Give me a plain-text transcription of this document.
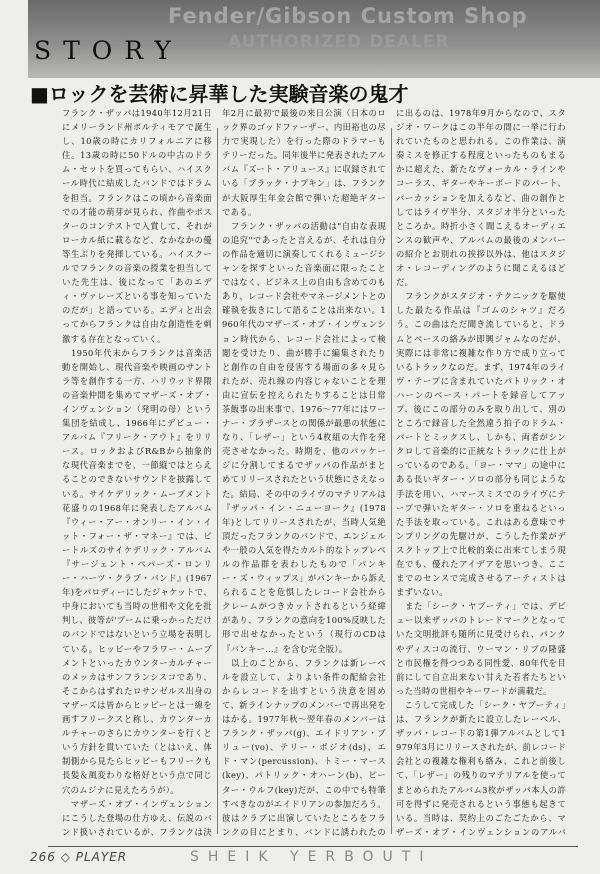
Fender/Gibson Custom Shop
AUTHORIZED DEALER
STORY
■ロックを芸術に昇華した実験音楽の鬼才
フランク・ザッパは1940年12月21日にメリーランド州ボルティモアで誕生し、10歳の時にカリフォルニアに移住。13歳の時に50ドルの中古のドラム・セットを買ってもらい、ハイスクール時代に結成したバンドではドラムを担当。フランクはこの頃から音楽面での才能の萌芽が見られ、作曲やポスターのコンテストで入賞して、それがローカル紙に載るなど、なかなかの優等生ぶりを発揮している。ハイスクールでフランクの音楽の授業を担当していた先生は、後になって「あのエディ・ヴァレーズといる事を知っていたのだが」と語っている。エディと出会ってからフランクは自由な創造性を刺激する存在となっていく。
　1950年代末からフランクは音楽活動を開始し、現代音楽や映画のサントラ等を創作する一方、ハリウッド界隈の音楽仲間を集めてマザーズ・オブ・インヴェンション（発明の母）という集団を結成し、1966年にデビュー・アルバム『フリーク・アウト』をリリース。ロックおよびR&Bから抽象的な現代音楽までを、一節縦ではとらえることのできないサウンドを披露している。サイケデリック・ムーブメント花盛りの1968年に発表したアルバム『ウィー・アー・オンリー・イン・イット・フォー・ザ・マネー』では、ビートルズのサイケデリック・アルバム『サージェント・ペパーズ・ロンリー・ハーツ・クラブ・バンド』(1967年)をパロディーにしたジャケットで、中身においても当時の世相や文化を批判し、彼等が'ブームに乗っかっただけのバンドではないという立場を表明している。ヒッピーやフラワー・ムーブメントといったカウンターカルチャーのメッカはサンフランシスコであり、そこからはずれたロサンゼルス出身のマザーズは皆からヒッピーとは一線を画すフリークスと称し、カウンターカルチャーのさらにカウンターを行くという方針を貫いていた（とはいえ、体制側から見たらヒッピーもフリークも長髪＆風変わりな格好という点で同じ穴のムジナに見えたろうが）。
　マザーズ・オブ・インヴェンションにこうした登場の仕方ゆえ、伝説のバンド扱いされているが、フランクは決

年2月に最初で最後の来日公演（日本のロック界のゴッドファーザー、内田裕也の尽力で実現した）を行った際のドラマーもテリーだった。同年後半に発表されたアルバム『ズート・アリュース』に収録されている「ブラック・ナプキン」は、フランクが大阪厚生年金会館で弾いた超絶ギターである。
　フランク・ザッパの活動は"自由な表現の追究"であったと言えるが、それは自分の作品を適切に演奏してくれるミュージシャンを探すといった音楽面に限ったことではなく、ビジネス上の自由も含めてのもあり、レコード会社やマネージメントとの確執を抜きにして語ることは出来ない。1960年代のマザーズ・オブ・インヴェンション時代から、レコード会社によって検閲を受けたり、曲が勝手に編集されたりと創作の自由を侵害する場面の多々見られたが、売れ線の内容じゃないことを理由に宣伝を控えられたりすることは日常茶飯事の出来事で、1976～77年にはワーナー・ブラザースとの関係が最悪の状態になり、「レザー」という4枚組の大作を発売させなかった。時期を、他のパッケージに分割してまるでザッパの作品がまとめてリリースされたという状態にさえなった。結局、その中のライヴのマテリアルは『ザッパ・イン・ニューヨーク』(1978年)としてリリースされたが、当時人気絶頂だったフランクのバンドで、エンジェルや一般の人気を得たカルト的なトップレベルの作品群を表わしたもので「パンキー・ズ・ウィップス」がパンキーから訴えられることを危惧したレコード会社からクレームがつきカットされるという経緯があり、フランクの意向を100%反映した形で出せなかったという（現行のCDは『バンキー…』を含む完全版）。
　以上のことから、フランクは新レーベルを設立して、よりよい条件の配給会社からレコードを出すという決意を固めて、新ラインナップのメンバーで再出発をはかる。1977年秋～翌年春のメンバーはフランク・ザッパ(g)、エイドリアン・ブリュー(vo)、テリー・ボジオ(ds)、エド・マン(percussion)、トミー・マース(key)、パトリック・オハーン(b)、ピーター・ウルフ(key)だが、この中でも特筆すべきなのがエイドリアンの参加だろう。彼はクラブに出演していたところをフランクの目にとまり、バンドに誘われたの

に出るのは、1978年9月からなので、スタジオ・ワークはこの半年の間に一挙に行われていたものと思われる。この作業は、演奏ミスを修正する程度といったものもまるかに超えた、新たなヴォーカル・ラインやコーラス、ギターやキーボードのパート、パーカッションを加えるなど、曲の創作としてはライヴ半分、スタジオ半分といったところか。時折小さく聞こえるオーディエンスの歓声や、アルバムの最後のメンバーの紹介とお別れの挨拶以外は、他はスタジオ・レコーディングのように聞こえるほどだ。
　フランクがスタジオ・テクニックを駆使した最たる作品は『ゴムのシャツ』だろう。この曲はただ聞き流していると、ドラムとベースの絡みが即興ジャムなのだが、実際には非常に複雑な作り方で成り立っているトラックなのだ。まず、1974年のライヴ・テープに含まれていたパトリック・オハーンのベース・パートを録音してアップ、後にこの部分のみを取り出して、別のところで録音した全然違う拍子のドラム・パートとミックスし、しかも、両者がシンクロして音楽的に正統なトラックに仕上がっているのである。「ヨー・ママ」の途中にある長いギター・ソロの部分も同じような手法を用い、ハマースミスでのライヴにテープで弾いたギター・ソロを重ねるといった手法を取っている。これはある意味でサンプリングの先駆けが、こうした作業がデスクトップ上で比較的楽に出来てしまう現在でも、優れたアイデアを思いつき、ここまでのセンスで完成させるアーティストはまずいない。
　また「シーク・ヤブーティ」では、デビュー以来ザッパのトレードマークとなっていた文明批評も随所に見受けられ、パンクやディスコの流行、ウーマン・リブの隆盛と市民権を得つつある同性愛、80年代を目前にして自立出来ない甘えた若者たちといった当時の世相やキーワードが満載だ。
　こうして完成した「シーク・ヤブーティ」は、フランクが新たに設立したレーベル、ザッパ・レコードの第1弾アルバムとして1979年3月にリリースされたが、前レコード会社との複雑な権利も絡み、これと前後して、「レザー」の残りのマテリアルを使ってまとめられたアルバム3枚がザッパ本人の許可を得ずに発売されるという事態も起きている。当時は、契約上のごたごたから、マザーズ・オブ・インヴェンションのアルバ

266 ◇ PLAYER	SHEIK YERBOUTI
